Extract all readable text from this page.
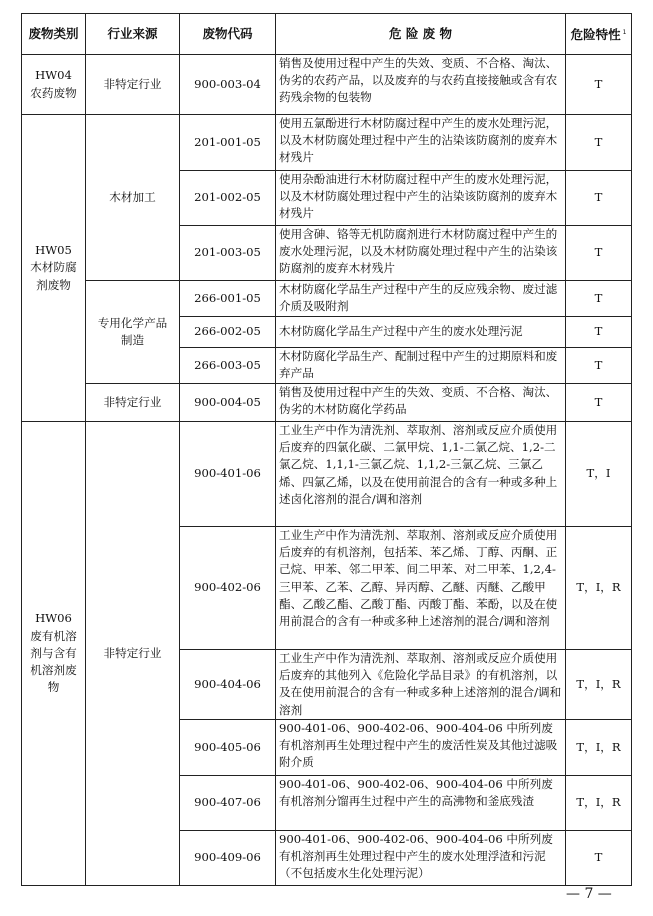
废物类别	行业来源	废物代码	危 险 废 物	危险特性 $^1$
HW04
农药废物	非特定行业	900-003-04	销售及使用过程中产生的失效、变质、不合格、淘汰、伪劣的农药产品，以及废弃的与农药直接接触或含有农药残余物的包装物	T
HW05
木材防腐
剂废物	木材加工	201-001-05	使用五氯酚进行木材防腐过程中产生的废水处理污泥，以及木材防腐处理过程中产生的沾染该防腐剂的废弃木材残片	T
		201-002-05	使用杂酚油进行木材防腐过程中产生的废水处理污泥，以及木材防腐处理过程中产生的沾染该防腐剂的废弃木材残片	T
		201-003-05	使用含砷、铬等无机防腐剂进行木材防腐过程中产生的废水处理污泥，以及木材防腐处理过程中产生的沾染该防腐剂的废弃木材残片	T
	专用化学产品
制造	266-001-05	木材防腐化学品生产过程中产生的反应残余物、废过滤介质及吸附剂	T
		266-002-05	木材防腐化学品生产过程中产生的废水处理污泥	T
		266-003-05	木材防腐化学品生产、配制过程中产生的过期原料和废弃产品	T
	非特定行业	900-004-05	销售及使用过程中产生的失效、变质、不合格、淘汰、伪劣的木材防腐化学药品	T
HW06
废有机溶
剂与含有
机溶剂废
物	非特定行业	900-401-06	工业生产中作为清洗剂、萃取剂、溶剂或反应介质使用后废弃的四氯化碳、二氯甲烷、1,1-二氯乙烷、1,2-二氯乙烷、1,1,1-三氯乙烷、1,1,2-三氯乙烷、三氯乙烯、四氯乙烯，以及在使用前混合的含有一种或多种上述卤化溶剂的混合/调和溶剂	T，I
		900-402-06	工业生产中作为清洗剂、萃取剂、溶剂或反应介质使用后废弃的有机溶剂，包括苯、苯乙烯、丁醇、丙酮、正己烷、甲苯、邻二甲苯、间二甲苯、对二甲苯、1,2,4-三甲苯、乙苯、乙醇、异丙醇、乙醚、丙醚、乙酸甲酯、乙酸乙酯、乙酸丁酯、丙酸丁酯、苯酚，以及在使用前混合的含有一种或多种上述溶剂的混合/调和溶剂	T，I，R
		900-404-06	工业生产中作为清洗剂、萃取剂、溶剂或反应介质使用后废弃的其他列入《危险化学品目录》的有机溶剂，以及在使用前混合的含有一种或多种上述溶剂的混合/调和溶剂	T，I，R
		900-405-06	900-401-06、900-402-06、900-404-06 中所列废有机溶剂再生处理过程中产生的废活性炭及其他过滤吸附介质	T，I，R
		900-407-06	900-401-06、900-402-06、900-404-06 中所列废有机溶剂分馏再生过程中产生的高沸物和釜底残渣	T，I，R
		900-409-06	900-401-06、900-402-06、900-404-06 中所列废有机溶剂再生处理过程中产生的废水处理浮渣和污泥（不包括废水生化处理污泥）	T
— 7 —
